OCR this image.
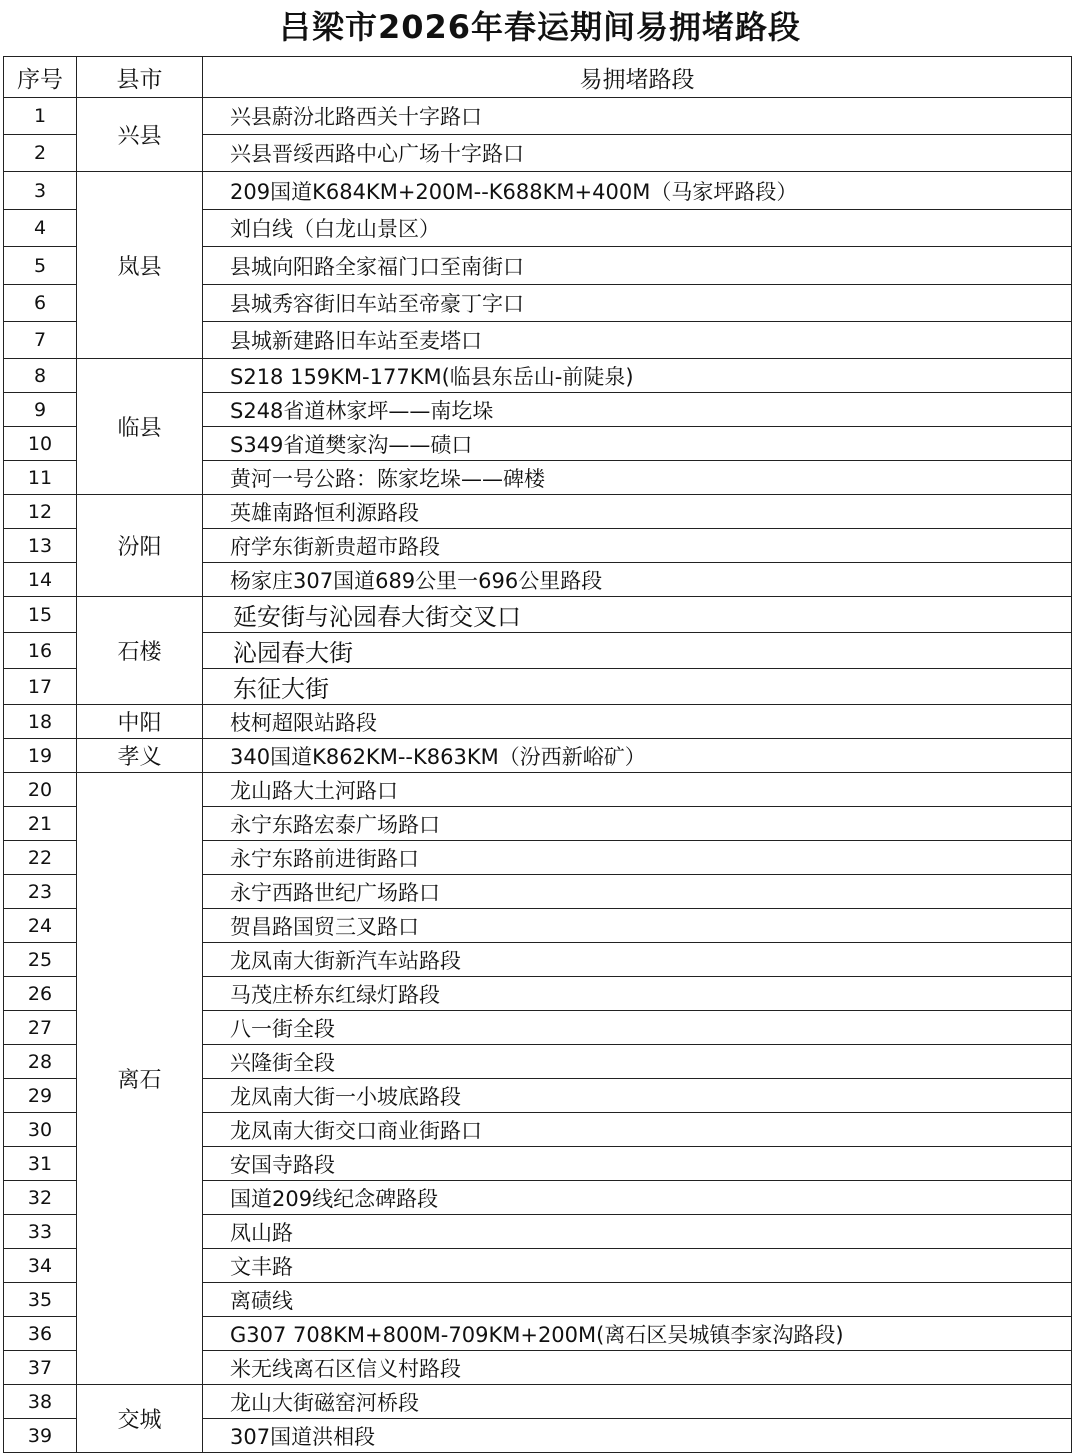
吕梁市2026年春运期间易拥堵路段
序号	县市	易拥堵路段
1	兴县	兴县蔚汾北路西关十字路口
2		兴县晋绥西路中心广场十字路口
3	岚县	209国道K684KM+200M--K688KM+400M（马家坪路段）
4		刘白线（白龙山景区）
5		县城向阳路全家福门口至南街口
6		县城秀容街旧车站至帝豪丁字口
7		县城新建路旧车站至麦塔口
8	临县	S218 159KM-177KM(临县东岳山-前陡泉)
9		S248省道林家坪——南圪垛
10		S349省道樊家沟——碛口
11		黄河一号公路：陈家圪垛——碑楼
12	汾阳	英雄南路恒利源路段
13		府学东街新贵超市路段
14		杨家庄307国道689公里一696公里路段
15	石楼	延安街与沁园春大街交叉口
16		沁园春大街
17		东征大街
18	中阳	枝柯超限站路段
19	孝义	340国道K862KM--K863KM（汾西新峪矿）
20	离石	龙山路大土河路口
21		永宁东路宏泰广场路口
22		永宁东路前进街路口
23		永宁西路世纪广场路口
24		贺昌路国贸三叉路口
25		龙凤南大街新汽车站路段
26		马茂庄桥东红绿灯路段
27		八一街全段
28		兴隆街全段
29		龙凤南大街一小坡底路段
30		龙凤南大街交口商业街路口
31		安国寺路段
32		国道209线纪念碑路段
33		凤山路
34		文丰路
35		离碛线
36		G307 708KM+800M-709KM+200M(离石区吴城镇李家沟路段)
37		米无线离石区信义村路段
38	交城	龙山大街磁窑河桥段
39		307国道洪相段
